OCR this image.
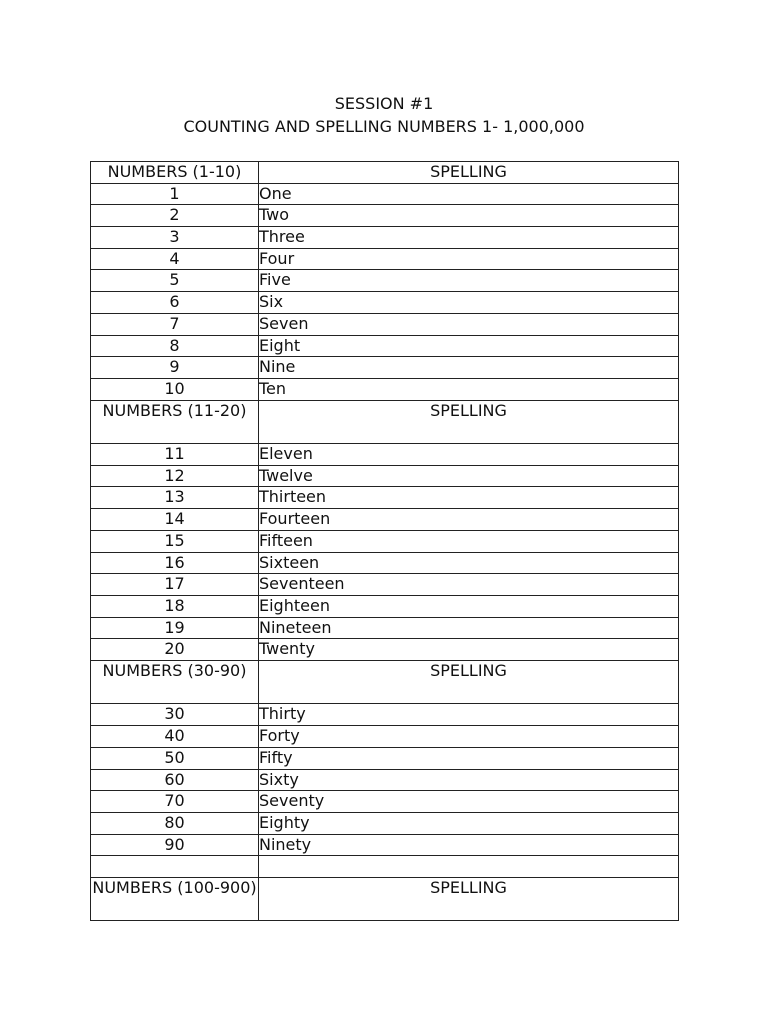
SESSION #1
COUNTING AND SPELLING NUMBERS 1- 1,000,000
NUMBERS (1-10)	SPELLING
1	One
2	Two
3	Three
4	Four
5	Five
6	Six
7	Seven
8	Eight
9	Nine
10	Ten
NUMBERS (11-20)	SPELLING
11	Eleven
12	Twelve
13	Thirteen
14	Fourteen
15	Fifteen
16	Sixteen
17	Seventeen
18	Eighteen
19	Nineteen
20	Twenty
NUMBERS (30-90)	SPELLING
30	Thirty
40	Forty
50	Fifty
60	Sixty
70	Seventy
80	Eighty
90	Ninety

NUMBERS (100-900)	SPELLING
